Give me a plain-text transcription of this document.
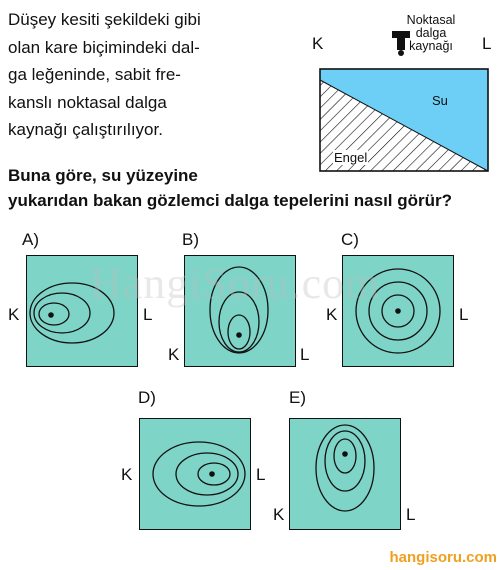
Düşey kesiti şekildeki gibi
olan kare biçimindeki dal-
ga leğeninde, sabit fre-
kanslı noktasal dalga
kaynağı çalıştırılıyor.
Noktasal
dalga
kaynağı
K	L
Su
Engel
Buna göre, su yüzeyine
yukarıdan bakan gözlemci dalga tepelerini nasıl görür?
A)
K	L
B)
K	L
C)
K	L
D)
K	L
E)
K	L
HangiSoru.com
hangisoru.com
